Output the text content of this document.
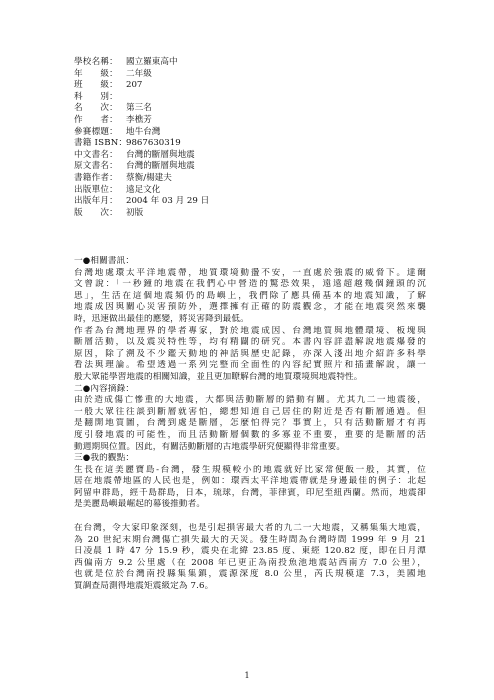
學校名稱： 國立羅東高中
年　　級： 二年級
班　　級： 207
科　　別：
名　　次： 第三名
作　　者： 李樵芳
參賽標題： 地牛台灣
書籍 ISBN：
9867630319
中文書名： 台灣的斷層與地震
原文書名： 台灣的斷層與地震
書籍作者： 蔡衡/楊建夫
出版單位： 遠足文化
出版年月： 2004 年 03 月 29 日
版　　次： 初版
一●相關書訊：
台灣地處環太平洋地震帶，地質環境動盪不安，一直處於強震的威脅下。達爾
文曾說：「一秒鐘的地震在我們心中營造的驚恐效果，遠遠超越幾個鐘頭的沉
思」，生活在這個地震頻仍的島嶼上，我們除了應具備基本的地震知識，了解
地震成因與關心災害預防外，選擇擁有正確的防震觀念，才能在地震突然來襲
時，迅速做出最佳的應變，將災害降到最低。
作者為台灣地理界的學者專家，對於地震成因、台灣地質與地體環境、板塊與
斷層活動，以及震災特性等，均有精闢的研究。本書內容詳盡解說地震爆發的
原因，除了溯及不少鑑天動地的神話與歷史記錄，亦深入淺出地介紹許多科學
看法與理論。希望透過一系列完整而全面性的內容紀實照片和插畫解說，讓一
般大眾能學習地震的相關知識，並且更加瞭解台灣的地質環境與地震特性。
二●內容摘錄：
由於造成傷亡慘重的大地震，大都與活動斷層的錯動有關。尤其九二一地震後，
一般大眾往往談到斷層就害怕，總想知道自己居住的附近是否有斷層通過。但
是翻開地質圖，台灣到處是斷層，怎麼怕得完？事實上，只有活動斷層才有再
度引發地震的可能性，而且活動斷層個數的多寡並不重要，重要的是斷層的活
動週期與位置。因此，有關活動斷層的古地震學研究便顯得非常重要。
三●我的觀點：
生長在這美麗寶島-台灣，發生規模較小的地震就好比家常便飯一般，其實，位
居在地震帶地區的人民也是，例如：環西太平洋地震帶就是身邊最佳的例子：北起
阿留申群島，經千島群島，日本，琉球，台灣，菲律賓，印尼至紐西蘭。然而，地震卻
是美麗島嶼最崛起的幕後推動者。
在台灣，令大家印象深刻，也是引起損害最大者的九二一大地震，又稱集集大地震，
為 20 世紀末期台灣傷亡損失最大的天災。發生時間為台灣時間 1999 年 9 月 21
日凌晨 1 時 47 分 15.9 秒，震央在北緯 23.85 度、東經 120.82 度，即在日月潭
西偏南方 9.2 公里處（在 2008 年已更正為南投魚池地震站西南方 7.0 公里），
也就是位於台灣南投縣集集鎮，震源深度 8.0 公里，芮氏規模達 7.3，美國地
質調查局測得地震矩震級定為 7.6。
1
